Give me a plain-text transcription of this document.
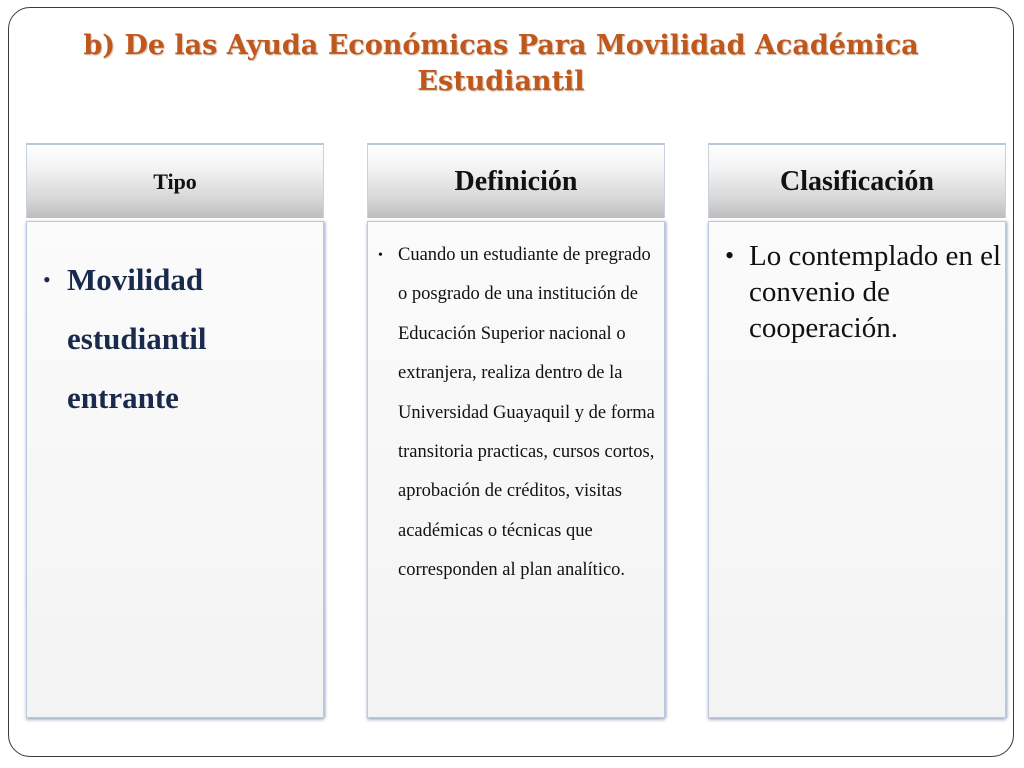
b) De las Ayuda Económicas Para Movilidad Académica
Estudiantil
Tipo
• Movilidad estudiantil entrante
Definición
• Cuando un estudiante de pregrado o posgrado de una institución de Educación Superior nacional o extranjera, realiza dentro de la Universidad Guayaquil y de forma transitoria practicas, cursos cortos, aprobación de créditos, visitas académicas o técnicas que corresponden al plan analítico.
Clasificación
• Lo contemplado en el convenio de cooperación.
